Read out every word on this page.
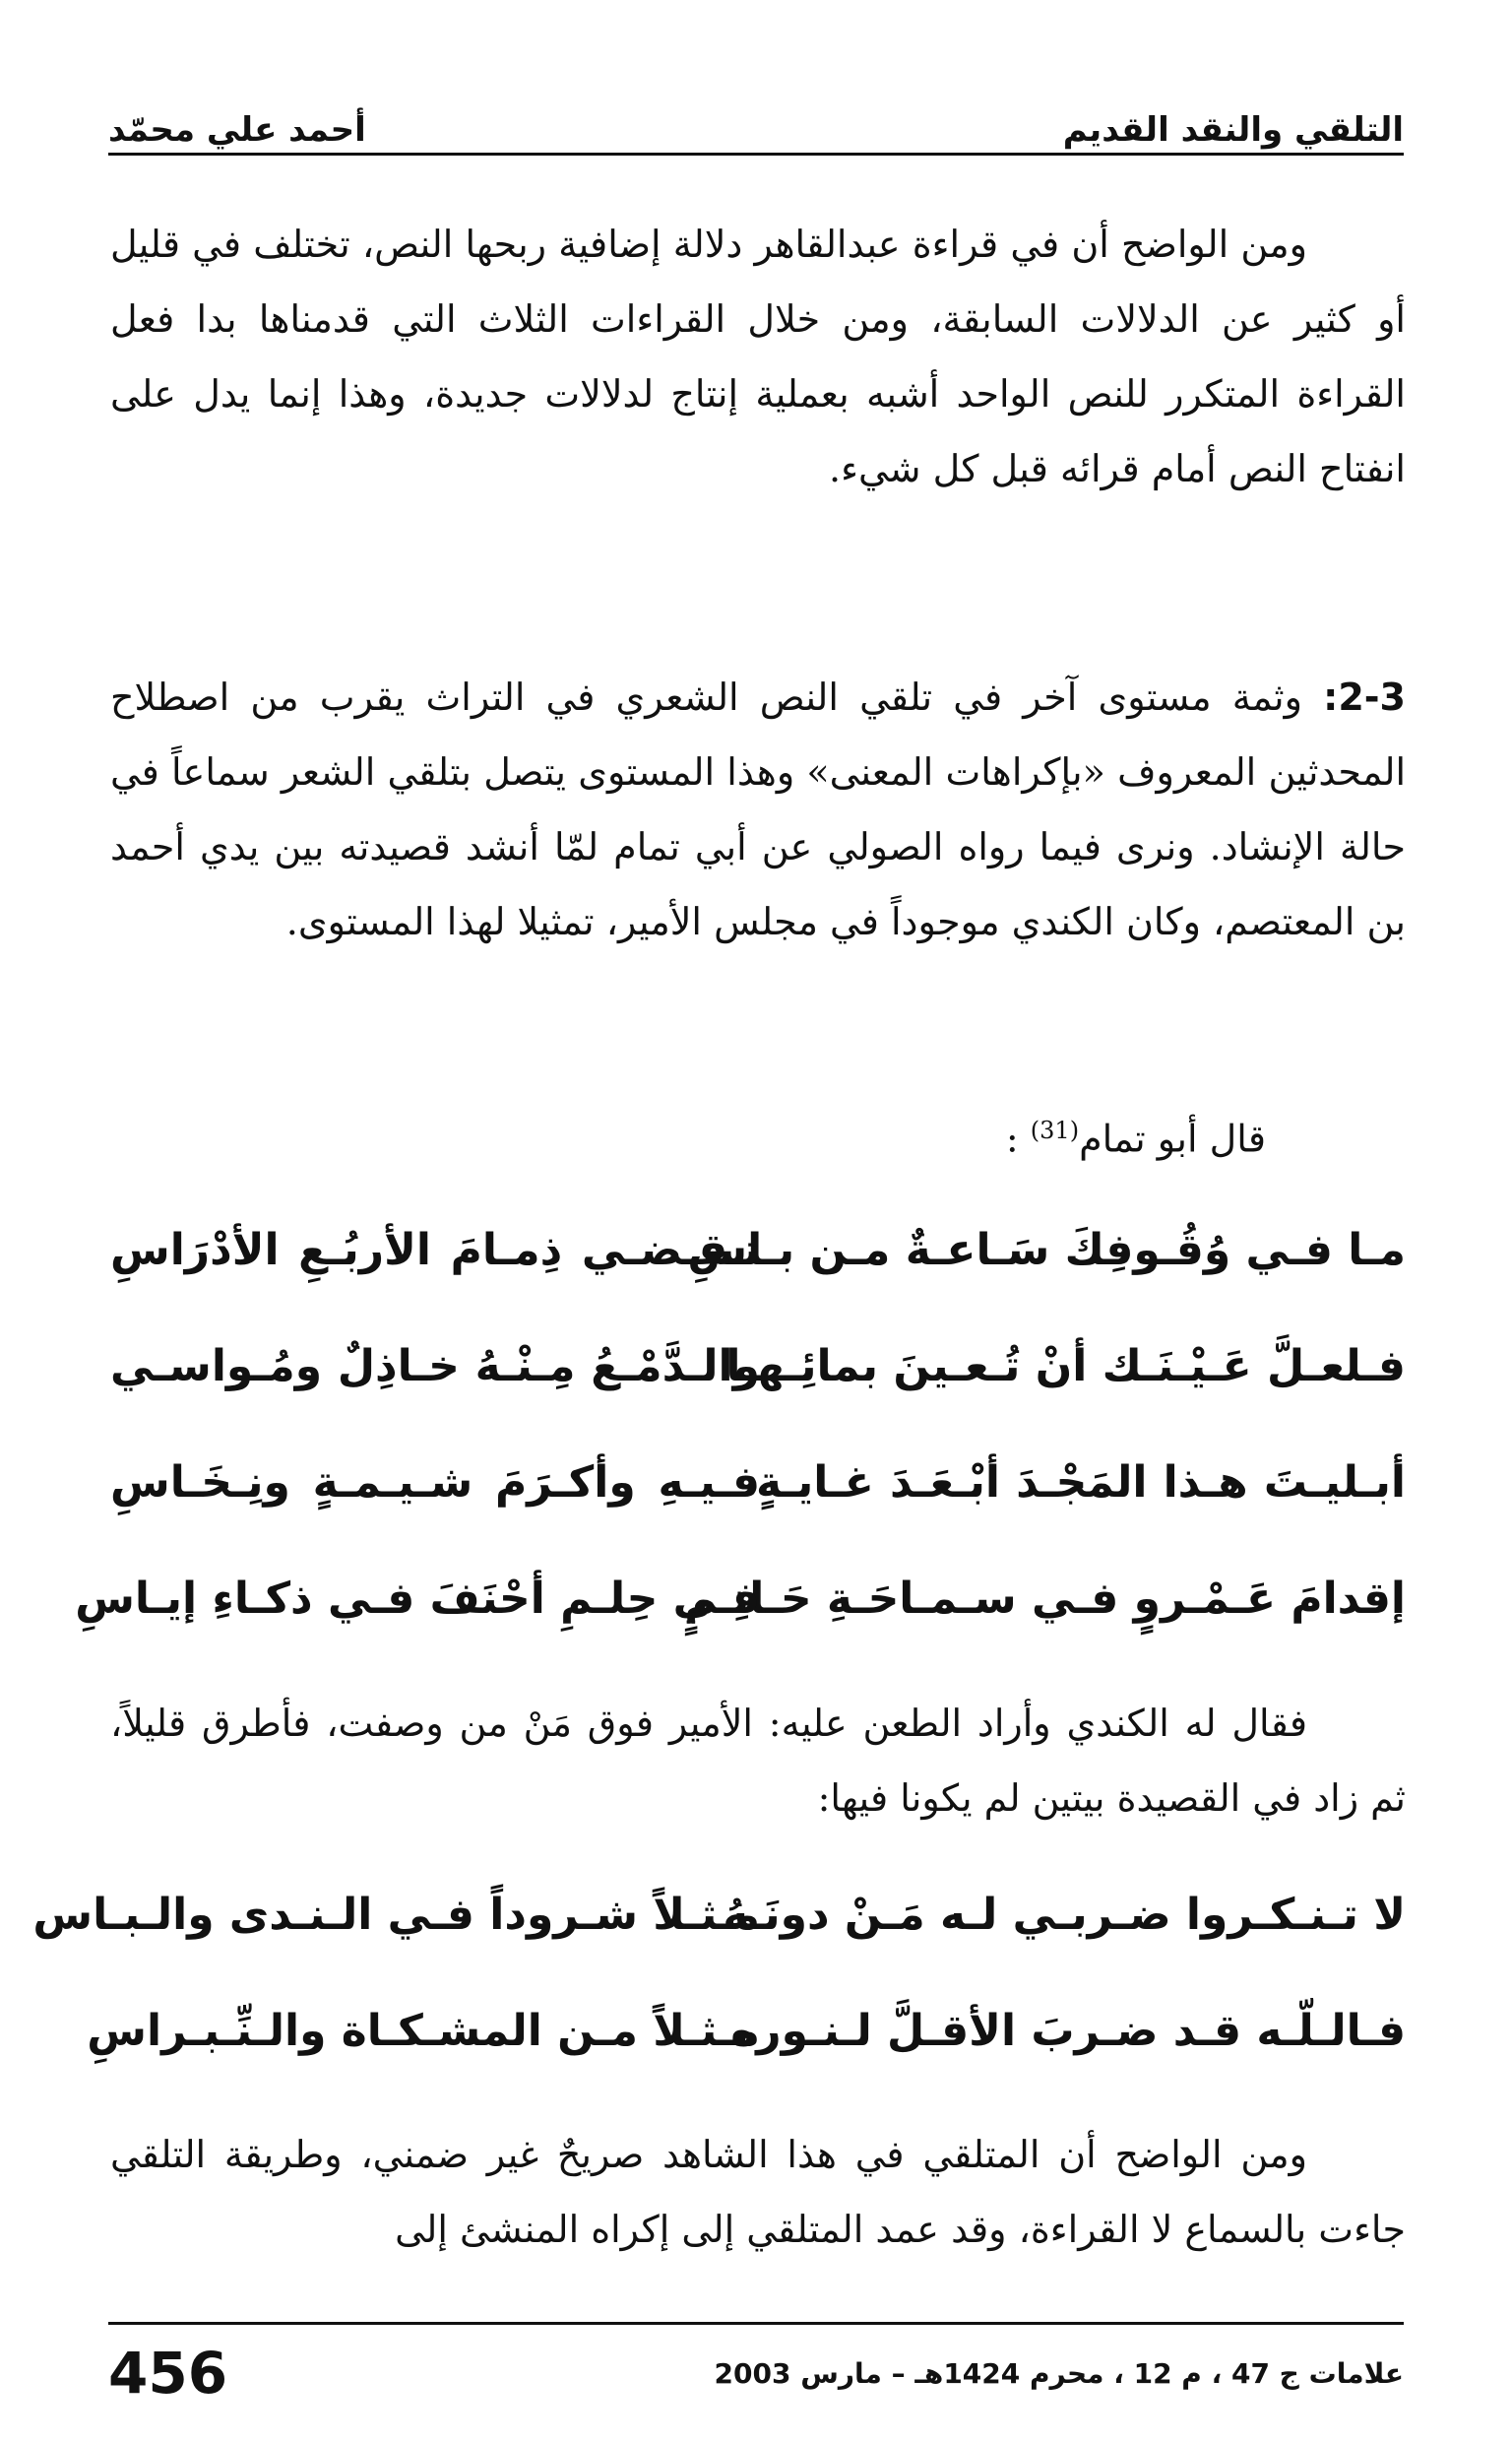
التلقي والنقد القديم
أحمد علي محمّد

ومن الواضح أن في قراءة عبدالقاهر دلالة إضافية ربحها النص، تختلف في قليل أو كثير عن الدلالات السابقة، ومن خلال القراءات الثلاث التي قدمناها بدا فعل القراءة المتكرر للنص الواحد أشبه بعملية إنتاج لدلالات جديدة، وهذا إنما يدل على انفتاح النص أمام قرائه قبل كل شيء.

2-3: وثمة مستوى آخر في تلقي النص الشعري في التراث يقرب من اصطلاح المحدثين المعروف «بإكراهات المعنى» وهذا المستوى يتصل بتلقي الشعر سماعاً في حالة الإنشاد. ونرى فيما رواه الصولي عن أبي تمام لمّا أنشد قصيدته بين يدي أحمد بن المعتصم، وكان الكندي موجوداً في مجلس الأمير، تمثيلا لهذا المستوى.

قال أبو تمام$^{(31)}$ :
مـا فـي وُقُـوفِكَ سَـاعـةٌ مـن بـاسِ
تـقـضـي ذِمـامَ الأربُـعِ الأدْرَاسِ
فـلعـلَّ عَـيْـنَـك أنْ تُـعـينَ بمائِـهـا
والـدَّمْـعُ مِـنْـهُ خـاذِلٌ ومُـواسـي
أبـليـتَ هـذا المَجْـدَ أبْـعَـدَ غـايـةٍ
فـيـهِ وأكـرَمَ شـيـمـةٍ ونِـخَـاسِ
إقدامَ عَـمْـروٍ فـي سـمـاحَـةِ حَـاتِـمٍ
فـي حِلـمِ أحْنَفَ فـي ذكـاءِ إيـاسِ

فقال له الكندي وأراد الطعن عليه: الأمير فوق مَنْ من وصفت، فأطرق قليلاً، ثم زاد في القصيدة بيتين لم يكونا فيها:

لا تـنـكـروا ضـربـي لـه مَـنْ دونَـهُ
مـثـلاً شـروداً فـي الـنـدى والـبـاس
فـالـلّـه قـد ضـربَ الأقـلَّ لـنـوره
مـثـلاً مـن المشـكـاة والـنِّـبـراسِ

ومن الواضح أن المتلقي في هذا الشاهد صريحٌ غير ضمني، وطريقة التلقي جاءت بالسماع لا القراءة، وقد عمد المتلقي إلى إكراه المنشئ إلى

علامات ج 47 ، م 12 ، محرم 1424هـ – مارس 2003
456
